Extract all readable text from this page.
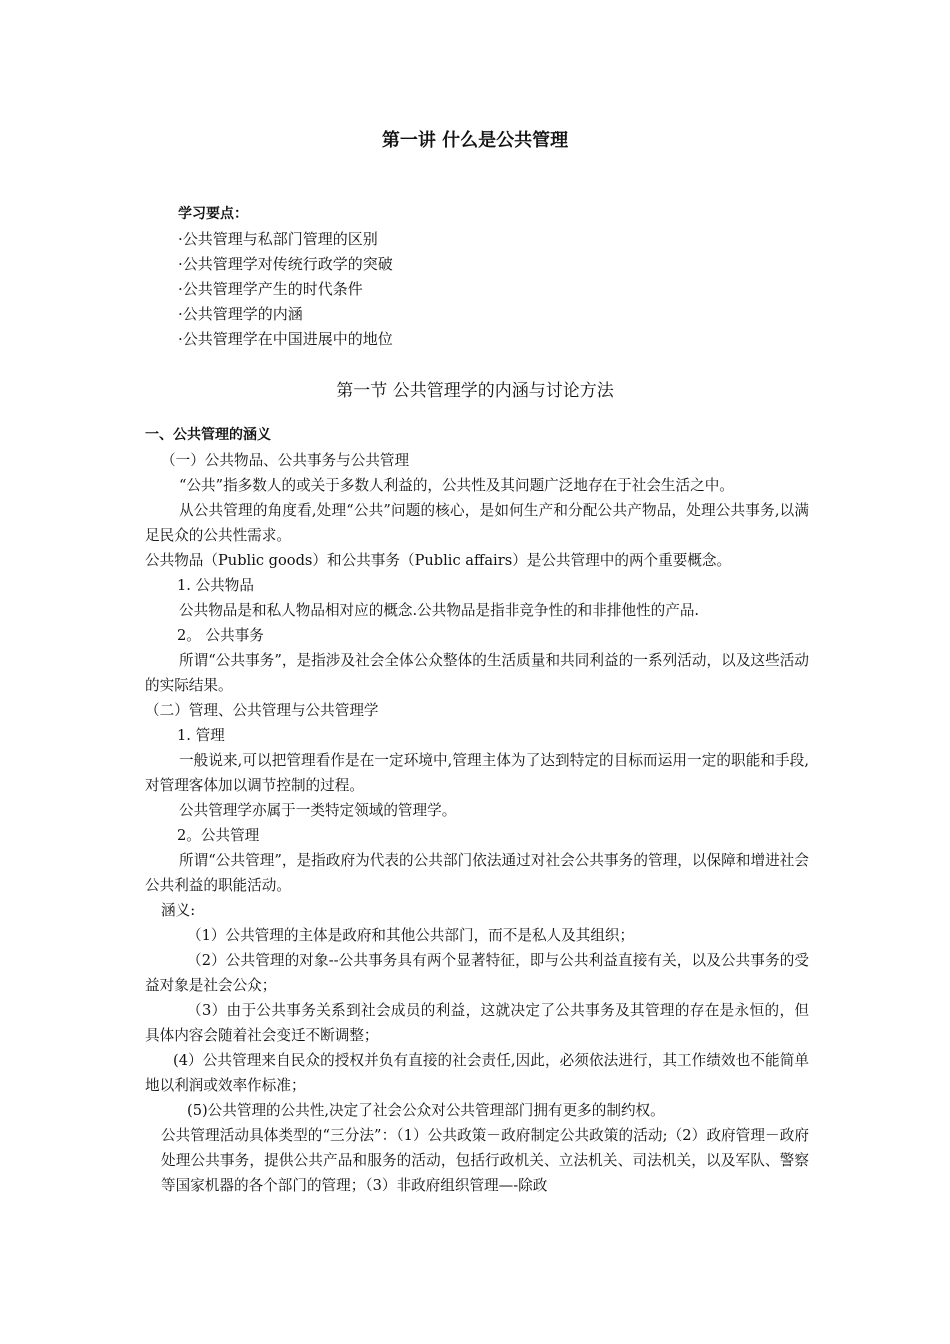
第一讲 什么是公共管理
学习要点：
·公共管理与私部门管理的区别
·公共管理学对传统行政学的突破
·公共管理学产生的时代条件
·公共管理学的内涵
·公共管理学在中国进展中的地位
第一节 公共管理学的内涵与讨论方法

一、公共管理的涵义

（一）公共物品、公共事务与公共管理

“公共”指多数人的或关于多数人利益的，公共性及其问题广泛地存在于社会生活之中。

从公共管理的角度看,处理“公共”问题的核心，是如何生产和分配公共产物品，处理公共事务,以满足民众的公共性需求。

公共物品（Public goods）和公共事务（Public affairs）是公共管理中的两个重要概念。

1. 公共物品

公共物品是和私人物品相对应的概念.公共物品是指非竞争性的和非排他性的产品.

2。 公共事务

所谓“公共事务”，是指涉及社会全体公众整体的生活质量和共同利益的一系列活动，以及这些活动的实际结果。

（二）管理、公共管理与公共管理学

1. 管理

一般说来,可以把管理看作是在一定环境中,管理主体为了达到特定的目标而运用一定的职能和手段,对管理客体加以调节控制的过程。

公共管理学亦属于一类特定领域的管理学。

2。公共管理

所谓“公共管理”，是指政府为代表的公共部门依法通过对社会公共事务的管理，以保障和增进社会公共利益的职能活动。

涵义:

（1）公共管理的主体是政府和其他公共部门，而不是私人及其组织；

（2）公共管理的对象--公共事务具有两个显著特征，即与公共利益直接有关，以及公共事务的受益对象是社会公众；

（3）由于公共事务关系到社会成员的利益，这就决定了公共事务及其管理的存在是永恒的，但具体内容会随着社会变迁不断调整；

(4）公共管理来自民众的授权并负有直接的社会责任,因此，必须依法进行，其工作绩效也不能简单地以利润或效率作标准；

(5)公共管理的公共性,决定了社会公众对公共管理部门拥有更多的制约权。

公共管理活动具体类型的“三分法”：（1）公共政策－政府制定公共政策的活动;（2）政府管理－政府处理公共事务，提供公共产品和服务的活动，包括行政机关、立法机关、司法机关，以及军队、警察等国家机器的各个部门的管理；（3）非政府组织管理—-除政
